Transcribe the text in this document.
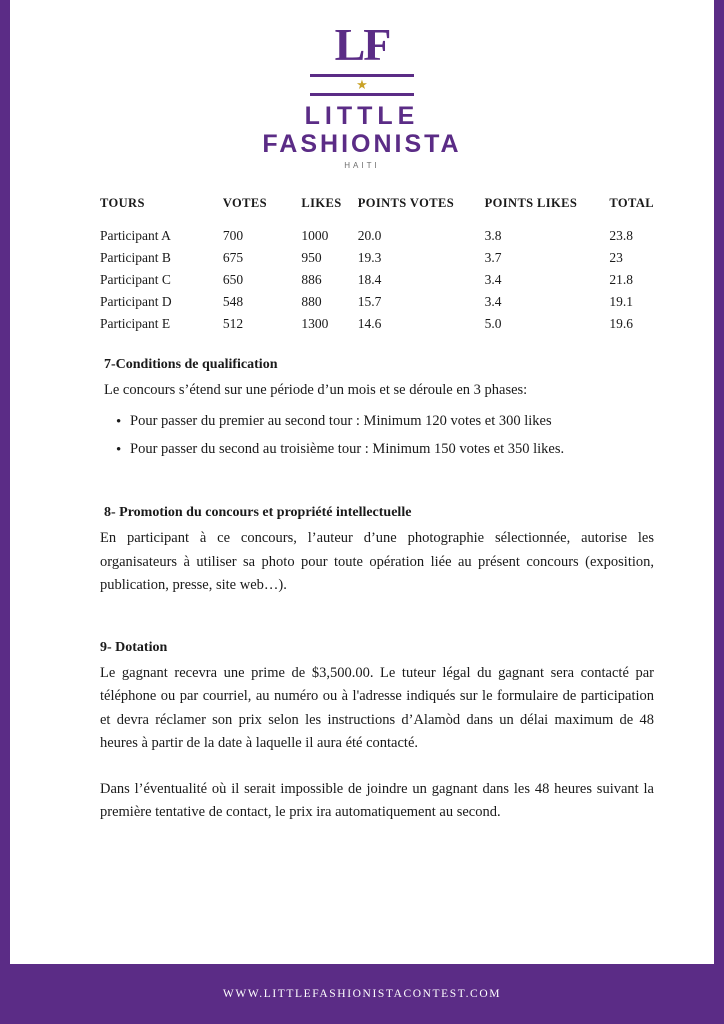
LF
★
LITTLE
FASHIONISTA
HAITI
TOURS	VOTES	LIKES	POINTS VOTES	POINTS LIKES	TOTAL
Participant A	700	1000	20.0	3.8	23.8
Participant B	675	950	19.3	3.7	23
Participant C	650	886	18.4	3.4	21.8
Participant D	548	880	15.7	3.4	19.1
Participant E	512	1300	14.6	5.0	19.6
7-Conditions de qualification

Le concours s’étend sur une période d’un mois et se déroule en 3 phases:

• Pour passer du premier au second tour : Minimum 120 votes et 300 likes
• Pour passer du second au troisième tour : Minimum 150 votes et 350 likes.
8- Promotion du concours et propriété intellectuelle

En participant à ce concours, l’auteur d’une photographie sélectionnée, autorise les organisateurs à utiliser sa photo pour toute opération liée au présent concours (exposition, publication, presse, site web…).

9- Dotation

Le gagnant recevra une prime de $3,500.00. Le tuteur légal du gagnant sera contacté par téléphone ou par courriel, au numéro ou à l'adresse indiqués sur le formulaire de participation et devra réclamer son prix selon les instructions d’Alamòd dans un délai maximum de 48 heures à partir de la date à laquelle il aura été contacté.

Dans l’éventualité où il serait impossible de joindre un gagnant dans les 48 heures suivant la première tentative de contact, le prix ira automatiquement au second.

WWW.LITTLEFASHIONISTACONTEST.COM
